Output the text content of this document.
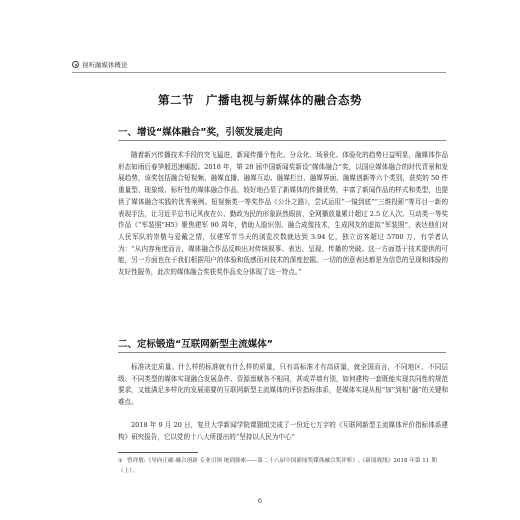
视听融媒体概论
第二节　广播电视与新媒体的融合态势
一、增设“媒体融合”奖，引领发展走向

随着新兴传播技术手段的突飞猛进，新闻传播个性化、分众化、场景化、体验化的趋势日益明显，融媒体作品形态如雨后春笋般迅速崛起。2018 年，第 28 届中国新闻奖新设“媒体融合”奖，以国应媒体融合的时代背景和发展趋势，该奖包括融合短视频、融媒直播、融媒互动、融媒栏目、融媒界面、融媒创新等六个类别，获奖的 50 件重量型、现象级、标杆性的媒体融合作品，较好地凸显了新媒体的传播优势，丰富了新闻作品的样式和类型，也提供了媒体融合实践的优秀案例。短视频类一等奖作品《公仆之路》，尝试运用“一镜到底”“三维投影”等耳目一新的表现手法，让习近平总书记风夜在公、勤政为民的形象跃然眼前，全网播放量累计超过 2.5 亿人次。互动类一等奖作品《“军装照”H5》聚焦建军 90 周年，借助人脸识别、融合成像技术，生成网友的虚拟“军装照”，表达他们对人民军队的崇敬与爱戴之情，仅建军节当天的浏览次数就达到 3.94 亿，独立访客超过 5700 万，有学者认为：“从内容角度而言，媒体融合作品反映出对传统叙事、表达、呈现、传播的突破。这一方面基于技术提供的可能，另一方面也在于我们根据用户的体验和低感而对技术的深度挖掘。一切的创意表达都是为信息的呈现和体验的友好性服务，此次的媒体融合奖获奖作品充分体现了这一特点。”

二、定标锻造“互联网新型主流媒体”

标准决定质量。什么样的标准就有什么样的质量，只有高标准才有高质量，就全国而言，不同地区、不同层级、不同类型的媒体实现融合发展条件、资源禀赋各不相同，甚或弄墙有别，如何建构一套既能实现共同性的规范要求，又能满足多样化的发展需要的互联网新型主流媒体的评价指标体系，是媒体实现从相“加”到相“融”的关键和难点。

2018 年 9 月 20 日，复旦大学新闻学院课题组完成了一份近七万字的《互联网新型主流媒体评价指标体系建构》研究报告，它以党的十八大所提出的“坚持以人民为中心”

① 曾祥敏:《导向正确 融合创新 专业引领 统到探索——第二十八届中国新闻奖媒体融合奖评析》,《新闻战线》2018 年第 11 期（上）。

6
